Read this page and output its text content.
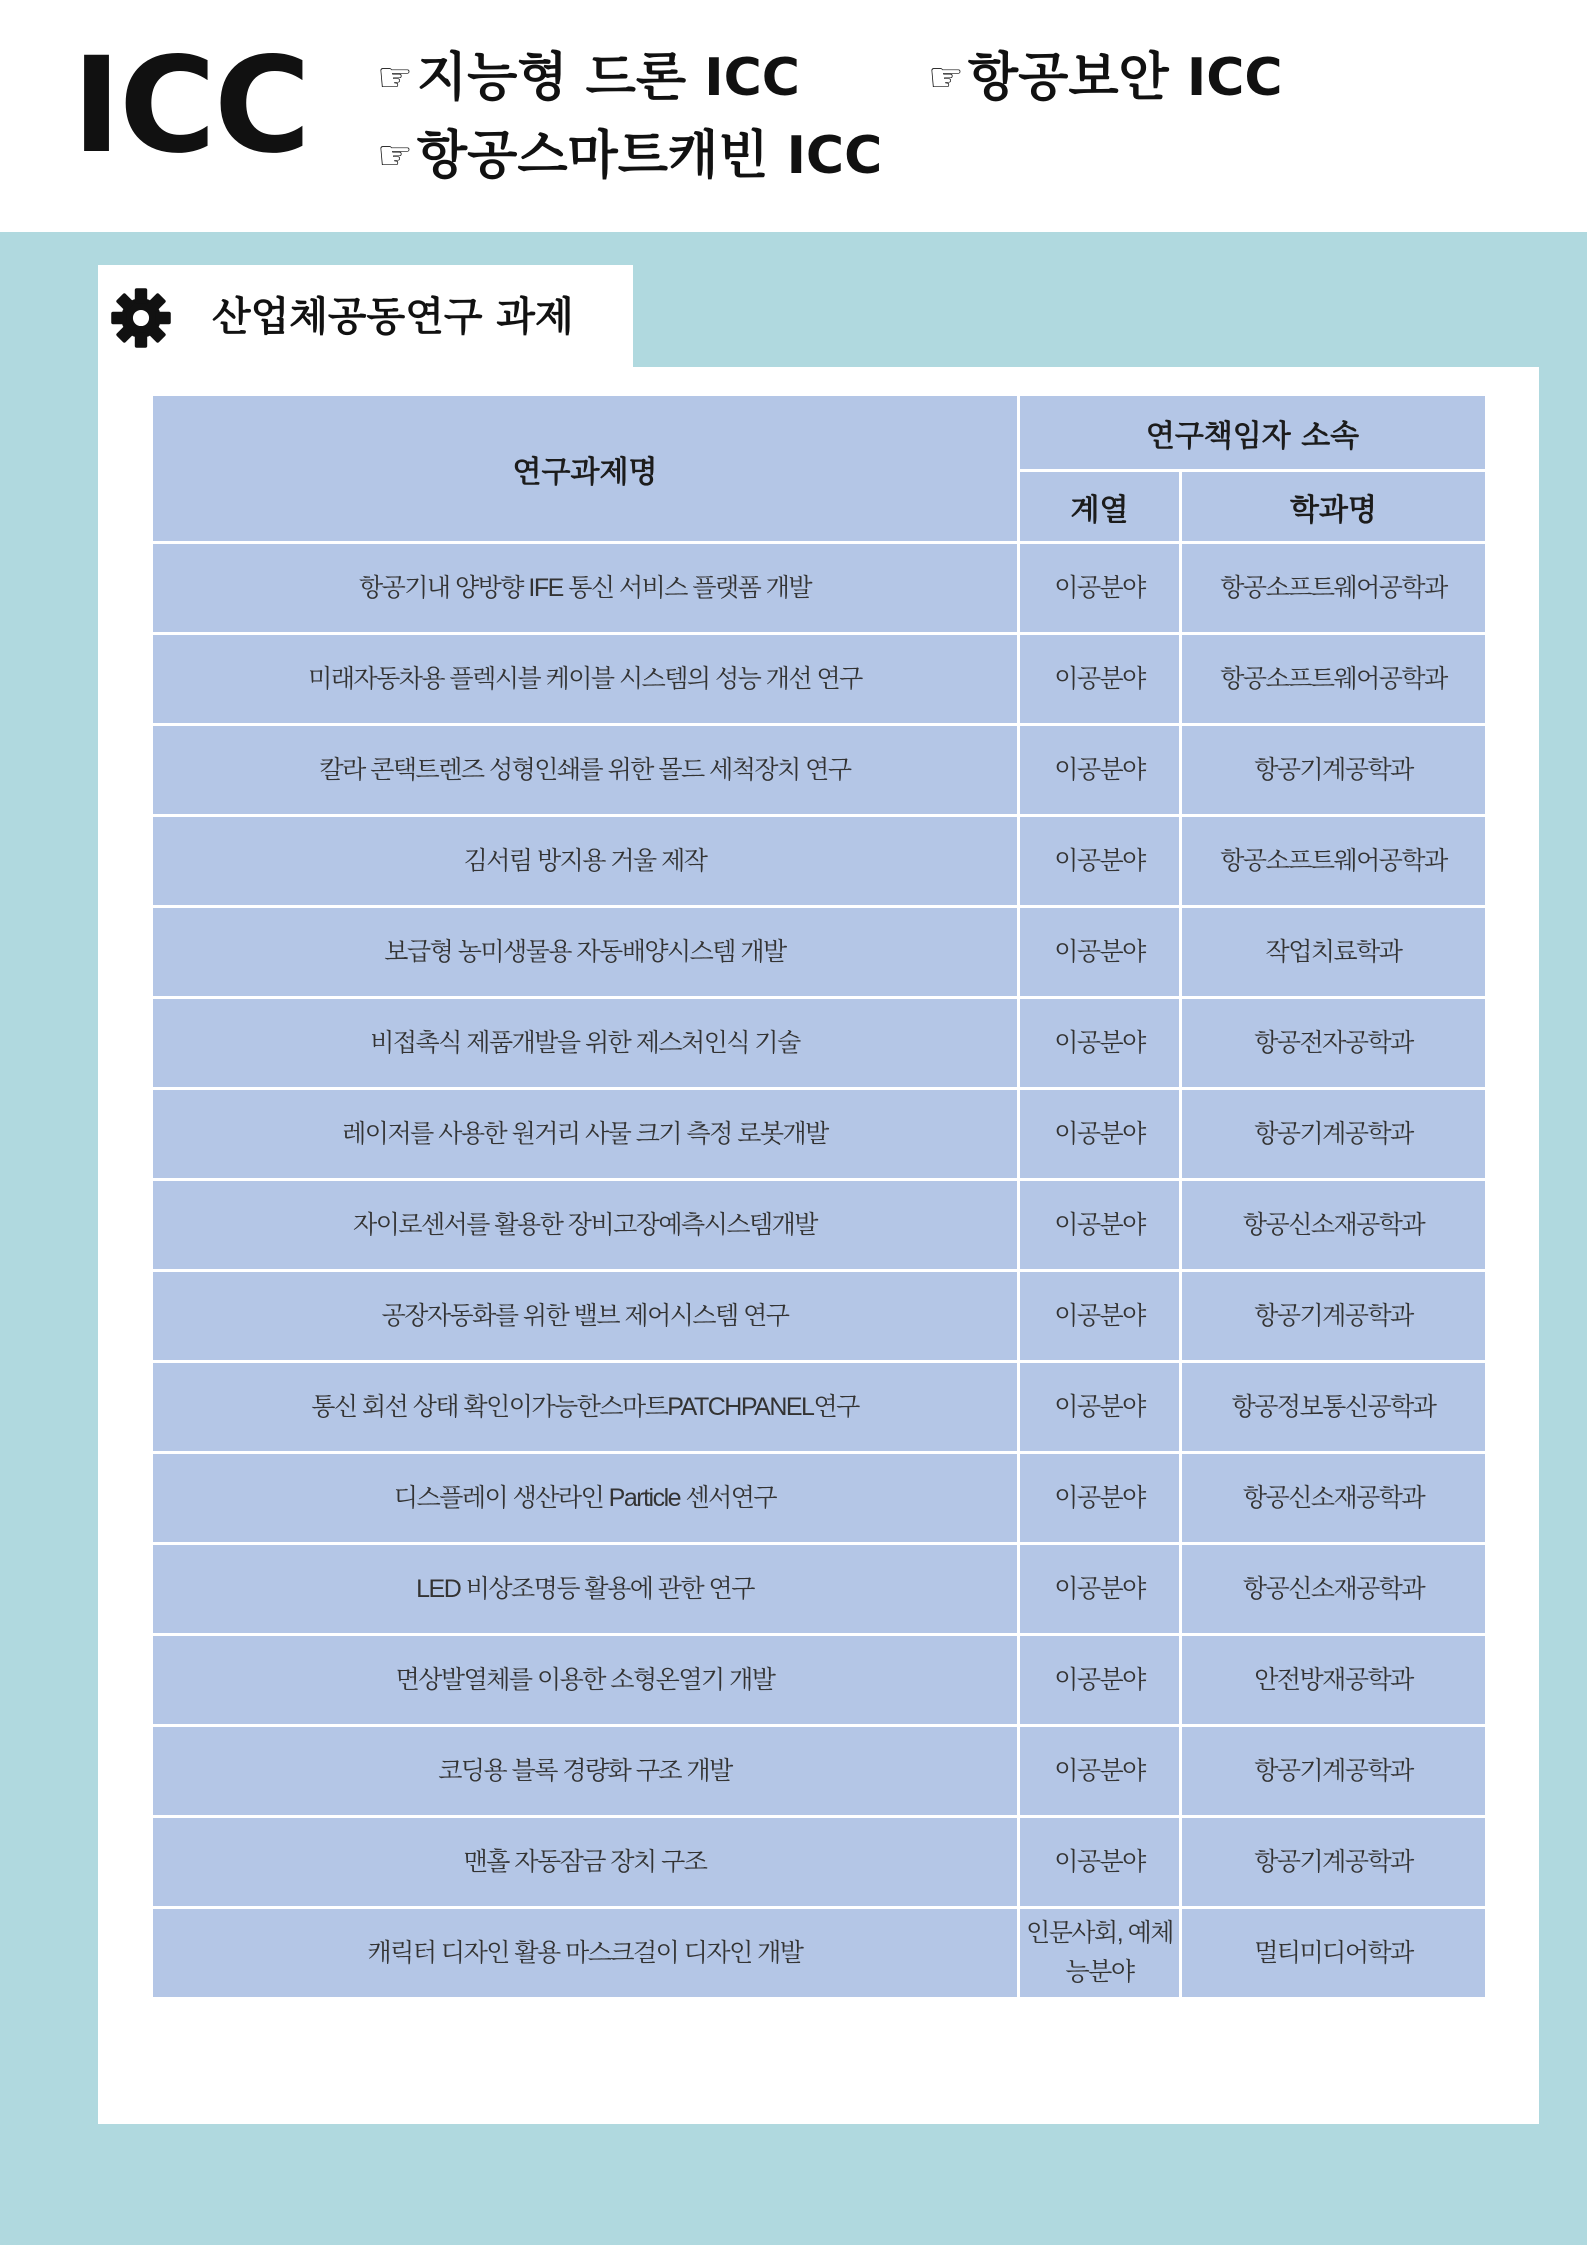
ICC ☞지능형 드론 ICC	☞항공보안 ICC
☞항공스마트캐빈 ICC
산업체공동연구 과제
연구과제명	연구책임자 소속	
	계열	학과명
항공기내 양방향 IFE 통신 서비스 플랫폼 개발	이공분야	항공소프트웨어공학과
미래자동차용 플렉시블 케이블 시스템의 성능 개선 연구	이공분야	항공소프트웨어공학과
칼라 콘택트렌즈 성형인쇄를 위한 몰드 세척장치 연구	이공분야	항공기계공학과
김서림 방지용 거울 제작	이공분야	항공소프트웨어공학과
보급형 농미생물용 자동배양시스템 개발	이공분야	작업치료학과
비접촉식 제품개발을 위한 제스처인식 기술	이공분야	항공전자공학과
레이저를 사용한 원거리 사물 크기 측정 로봇개발	이공분야	항공기계공학과
자이로센서를 활용한 장비고장예측시스템개발	이공분야	항공신소재공학과
공장자동화를 위한 밸브 제어시스템 연구	이공분야	항공기계공학과
통신 회선 상태 확인이가능한스마트PATCHPANEL연구	이공분야	항공정보통신공학과
디스플레이 생산라인 Particle 센서연구	이공분야	항공신소재공학과
LED 비상조명등 활용에 관한 연구	이공분야	항공신소재공학과
면상발열체를 이용한 소형온열기 개발	이공분야	안전방재공학과
코딩용 블록 경량화 구조 개발	이공분야	항공기계공학과
맨홀 자동잠금 장치 구조	이공분야	항공기계공학과
캐릭터 디자인 활용 마스크걸이 디자인 개발	인문사회, 예체능분야	멀티미디어학과
